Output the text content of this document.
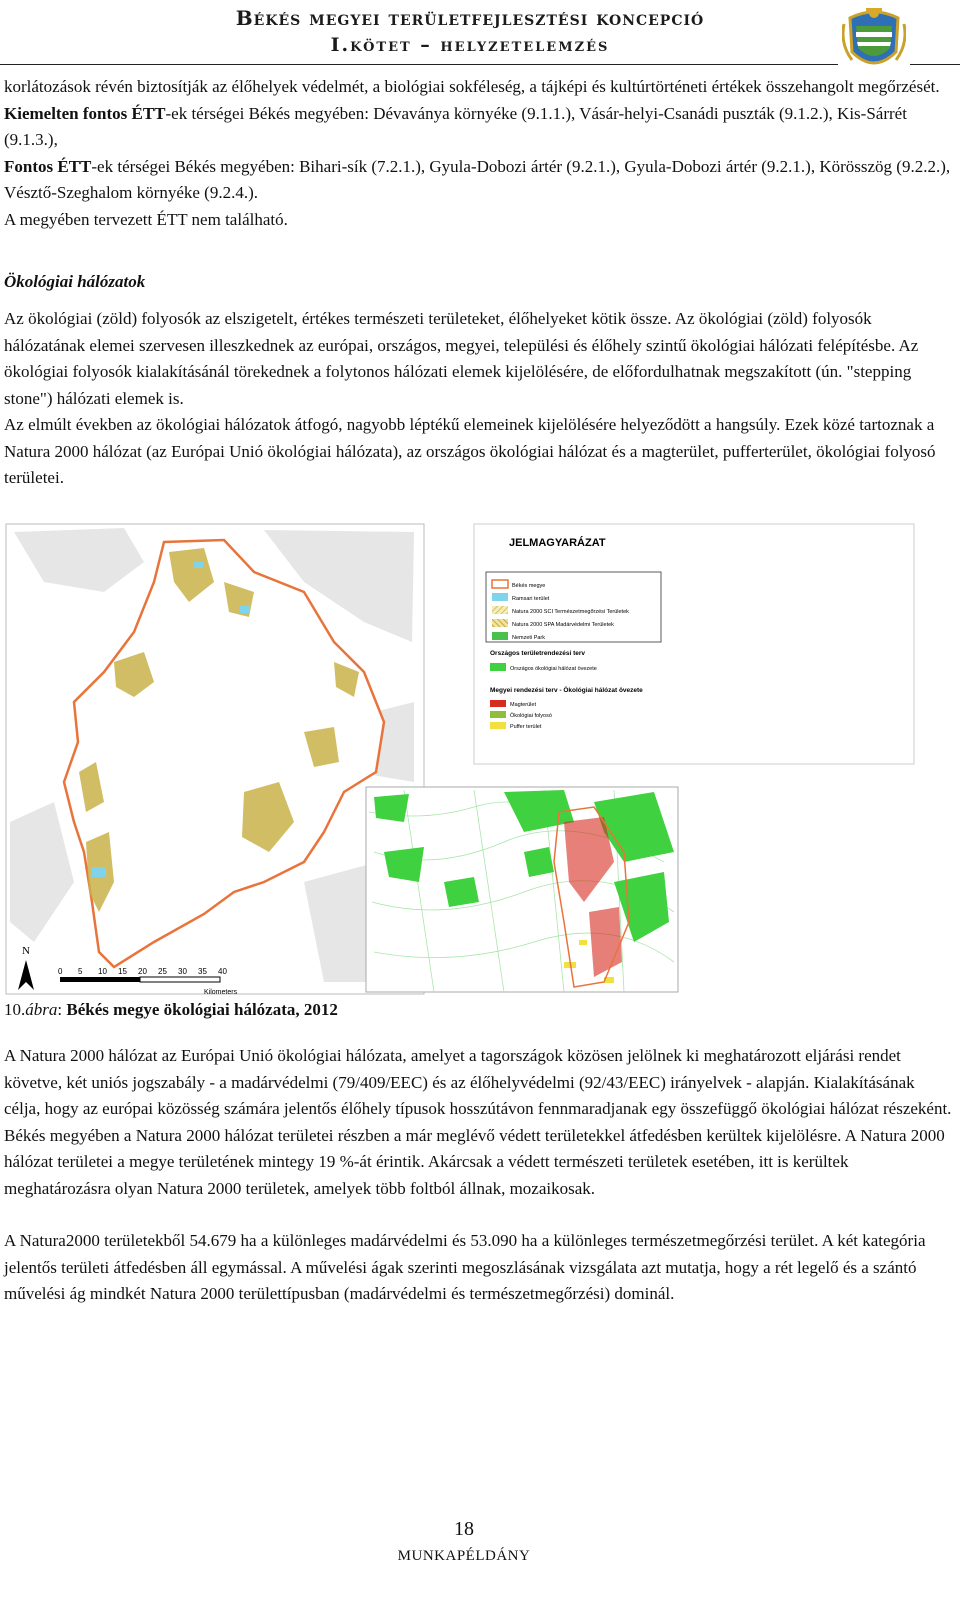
Békés megyei területfejlesztési koncepció
I.kötet – helyzetelemzés

korlátozások révén biztosítják az élőhelyek védelmét, a biológiai sokféleség, a tájképi és kultúrtörténeti értékek összehangolt megőrzését.

Kiemelten fontos ÉTT-ek térségei Békés megyében: Dévaványa környéke (9.1.1.), Vásár-helyi-Csanádi puszták (9.1.2.), Kis-Sárrét (9.1.3.),

Fontos ÉTT-ek térségei Békés megyében: Bihari-sík (7.2.1.), Gyula-Dobozi ártér (9.2.1.), Gyula-Dobozi ártér (9.2.1.), Körösszög (9.2.2.), Vésztő-Szeghalom környéke (9.2.4.).

A megyében tervezett ÉTT nem található.

Ökológiai hálózatok

Az ökológiai (zöld) folyosók az elszigetelt, értékes természeti területeket, élőhelyeket kötik össze. Az ökológiai (zöld) folyosók hálózatának elemei szervesen illeszkednek az európai, országos, megyei, települési és élőhely szintű ökológiai hálózati felépítésbe. Az ökológiai folyosók kialakításánál törekednek a folytonos hálózati elemek kijelölésére, de előfordulhatnak megszakított (ún. "stepping stone") hálózati elemek is.

Az elmúlt években az ökológiai hálózatok átfogó, nagyobb léptékű elemeinek kijelölésére helyeződött a hangsúly. Ezek közé tartoznak a Natura 2000 hálózat (az Európai Unió ökológiai hálózata), az országos ökológiai hálózat és a magterület, pufferterület, ökológiai folyosó területei.

N
0 5 10 15 20 25 30 35 40
Kilometers
JELMAGYARÁZAT
Békés megye
Ramsari terület
Natura 2000 SCI Természetmegőrzési Területek
Natura 2000 SPA Madárvédelmi Területek
Nemzeti Park
Országos területrendezési terv
Országos ökológiai hálózat övezete
Megyei rendezési terv - Ökológiai hálózat övezete
Magterület
Ökológiai folyosó
Puffer terület
10.ábra: Békés megye ökológiai hálózata, 2012

A Natura 2000 hálózat az Európai Unió ökológiai hálózata, amelyet a tagországok közösen jelölnek ki meghatározott eljárási rendet követve, két uniós jogszabály - a madárvédelmi (79/409/EEC) és az élőhelyvédelmi (92/43/EEC) irányelvek - alapján. Kialakításának célja, hogy az európai közösség számára jelentős élőhely típusok hosszútávon fennmaradjanak egy összefüggő ökológiai hálózat részeként.

Békés megyében a Natura 2000 hálózat területei részben a már meglévő védett területekkel átfedésben kerültek kijelölésre. A Natura 2000 hálózat területei a megye területének mintegy 19 %-át érintik. Akárcsak a védett természeti területek esetében, itt is kerültek meghatározásra olyan Natura 2000 területek, amelyek több foltból állnak, mozaikosak.

A Natura2000 területekből 54.679 ha a különleges madárvédelmi és 53.090 ha a különleges természetmegőrzési terület. A két kategória jelentős területi átfedésben áll egymással. A művelési ágak szerinti megoszlásának vizsgálata azt mutatja, hogy a rét legelő és a szántó művelési ág mindkét Natura 2000 területtípusban (madárvédelmi és természetmegőrzési) dominál.

18
MUNKAPÉLDÁNY
